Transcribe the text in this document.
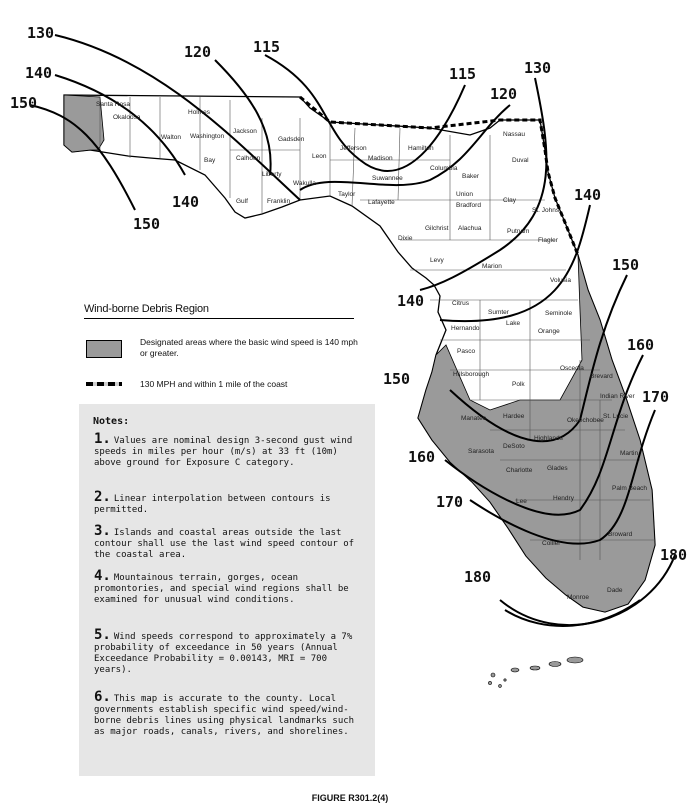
130
120	115
115	130
140
150	120
140
150
140
150
140
160
150
170
160
170
180
180
Santa Rosa
Okaloosa
Holmes
Walton Washington
Jackson
Gadsden
Leon
Jefferson
Madison
Hamilton
Nassau
Calhoun
Bay
Liberty
Wakulla
Gulf	Franklin
Suwannee	Baker
Duval
Columbia
Taylor
Lafayette
Union
Bradford
Clay
St. Johns
Dixie
Gilchrist Alachua	Putnam
Flagler
Levy
Marion
Volusia
Citrus
Hernando
Sumter
Lake
Seminole
Orange
Pasco
Hillsborough
Polk
Osceola
Brevard
Indian River
Manatee	Hardee
Okeechobee
St. Lucie
Highlands
DeSoto
Sarasota	Martin
Charlotte Glades
Lee	Hendry
Palm Beach
Collier
Broward
Monroe
Dade
Wind-borne Debris Region
Designated areas where the basic wind speed is 140 mph or greater.
130 MPH and within 1 mile of the coast
Notes:
1. Values are nominal design 3-second gust wind speeds in miles per hour (m/s) at 33 ft (10m) above ground for Exposure C category.
2. Linear interpolation between contours is permitted.
3. Islands and coastal areas outside the last contour shall use the last wind speed contour of the coastal area.
4. Mountainous terrain, gorges, ocean promontories, and special wind regions shall be examined for unusual wind conditions.
5. Wind speeds correspond to approximately a 7% probability of exceedance in 50 years (Annual Exceedance Probability = 0.00143, MRI = 700 years).
6. This map is accurate to the county. Local governments establish specific wind speed/wind-borne debris lines using physical landmarks such as major roads, canals, rivers, and shorelines.
FIGURE R301.2(4)
